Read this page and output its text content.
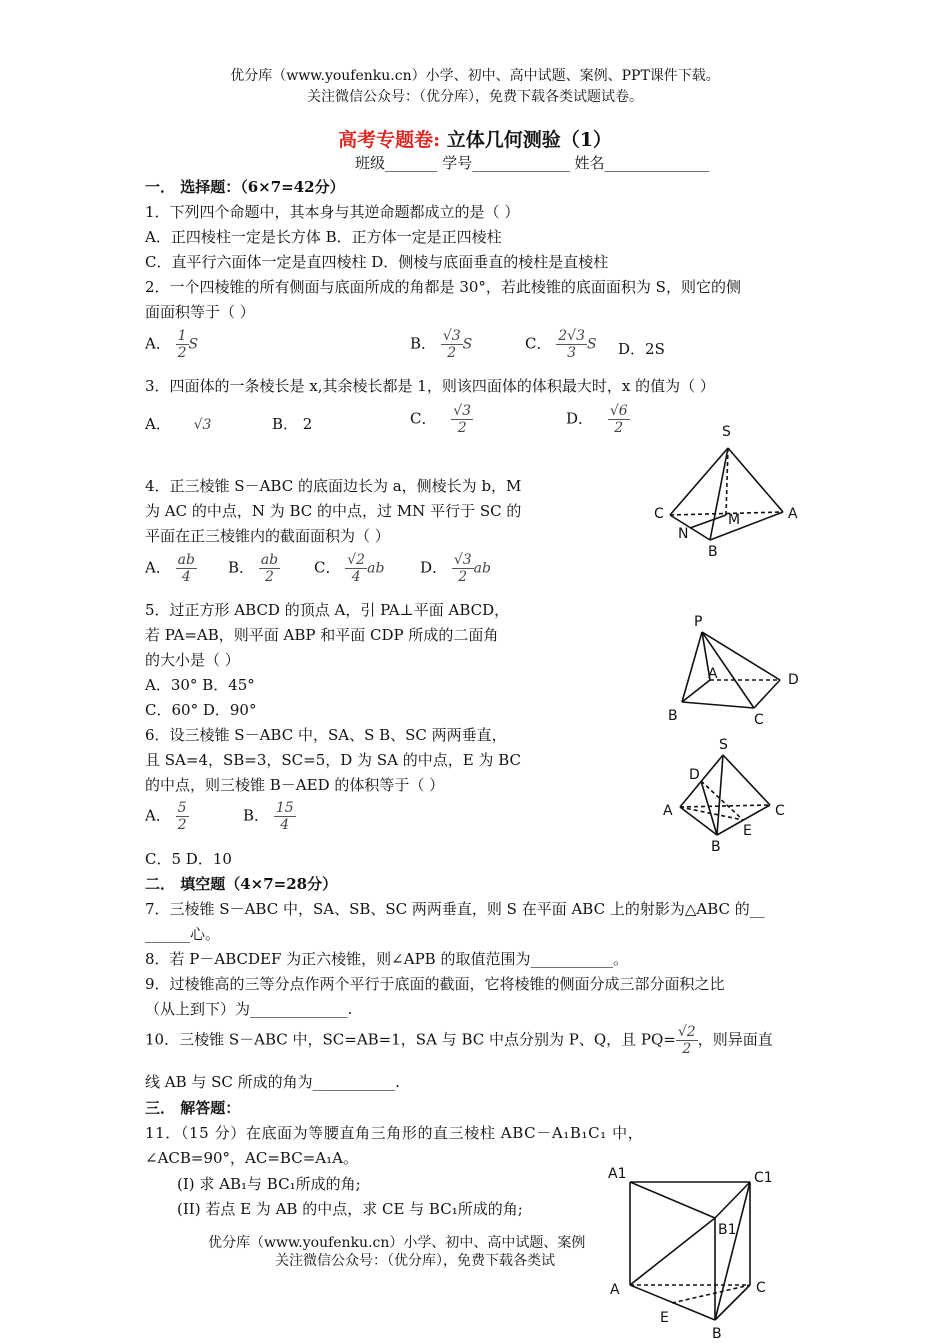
优分库（www.youfenku.cn）小学、初中、高中试题、案例、PPT课件下载。
关注微信公众号：（优分库），免费下载各类试题试卷。
高考专题卷: 立体几何测验（1）
班级_______ 学号_____________ 姓名______________
一． 选择题：（6×7=42分）
1．下列四个命题中，其本身与其逆命题都成立的是（ ）
A．正四棱柱一定是长方体 B．正方体一定是正四棱柱
C．直平行六面体一定是直四棱柱 D．侧棱与底面垂直的棱柱是直棱柱
2．一个四棱锥的所有侧面与底面所成的角都是 30°，若此棱锥的底面面积为 S，则它的侧
面面积等于（ ）
A． $\frac{1}{2}$ S	B． $\frac{√3}{2}$ S	C． $\frac{2√3}{3}$ S D．2S
3．四面体的一条棱长是 x,其余棱长都是 1，则该四面体的体积最大时，x 的值为（ ）
A． √3	B． 2	C． $\frac{√3}{2}$	D． $\frac{√6}{2}$	S
C	M	A
N
B
4．正三棱锥 S－ABC 的底面边长为 a，侧棱长为 b，M
为 AC 的中点，N 为 BC 的中点，过 MN 平行于 SC 的
平面在正三棱锥内的截面面积为（ ）
A． $\frac{ab}{4}$ B． $\frac{ab}{2}$ C． $\frac{√2}{4}$ ab D． $\frac{√3}{2}$ ab
P
A	D
B	C
5．过正方形 ABCD 的顶点 A，引 PA⊥平面 ABCD，
若 PA=AB，则平面 ABP 和平面 CDP 所成的二面角
的大小是（ ）
A．30° B．45°
C．60° D．90°
6．设三棱锥 S－ABC 中，SA、S B、SC 两两垂直，
且 SA=4，SB=3，SC=5，D 为 SA 的中点，E 为 BC
的中点，则三棱锥 B－AED 的体积等于（ ）
A． $\frac{5}{2}$	B． $\frac{15}{4}$
C．5 D．10
S
D
A	C
E
B
二． 填空题（4×7=28分）
7．三棱锥 S－ABC 中，SA、SB、SC 两两垂直，则 S 在平面 ABC 上的射影为△ABC 的__
______心。
8．若 P－ABCDEF 为正六棱锥，则∠APB 的取值范围为___________。
9．过棱锥高的三等分点作两个平行于底面的截面，它将棱锥的侧面分成三部分面积之比
（从上到下）为_____________.
10．三棱锥 S－ABC 中，SC=AB=1，SA 与 BC 中点分别为 P、Q，且 $PQ= \frac{√2}{2}$ ，则异面直
线 AB 与 SC 所成的角为___________.
三． 解答题：
11．（15 分）在底面为等腰直角三角形的直三棱柱 ABC－A₁B₁C₁ 中，
∠ACB=90°，AC=BC=A₁A。
(I) 求 AB₁与 BC₁所成的角;
(II) 若点 E 为 AB 的中点，求 CE 与 BC₁所成的角;
A1	C1
B1
A	C
E
B
优分库（www.youfenku.cn）小学、初中、高中试题、案例
关注微信公众号：（优分库），免费下载各类试
